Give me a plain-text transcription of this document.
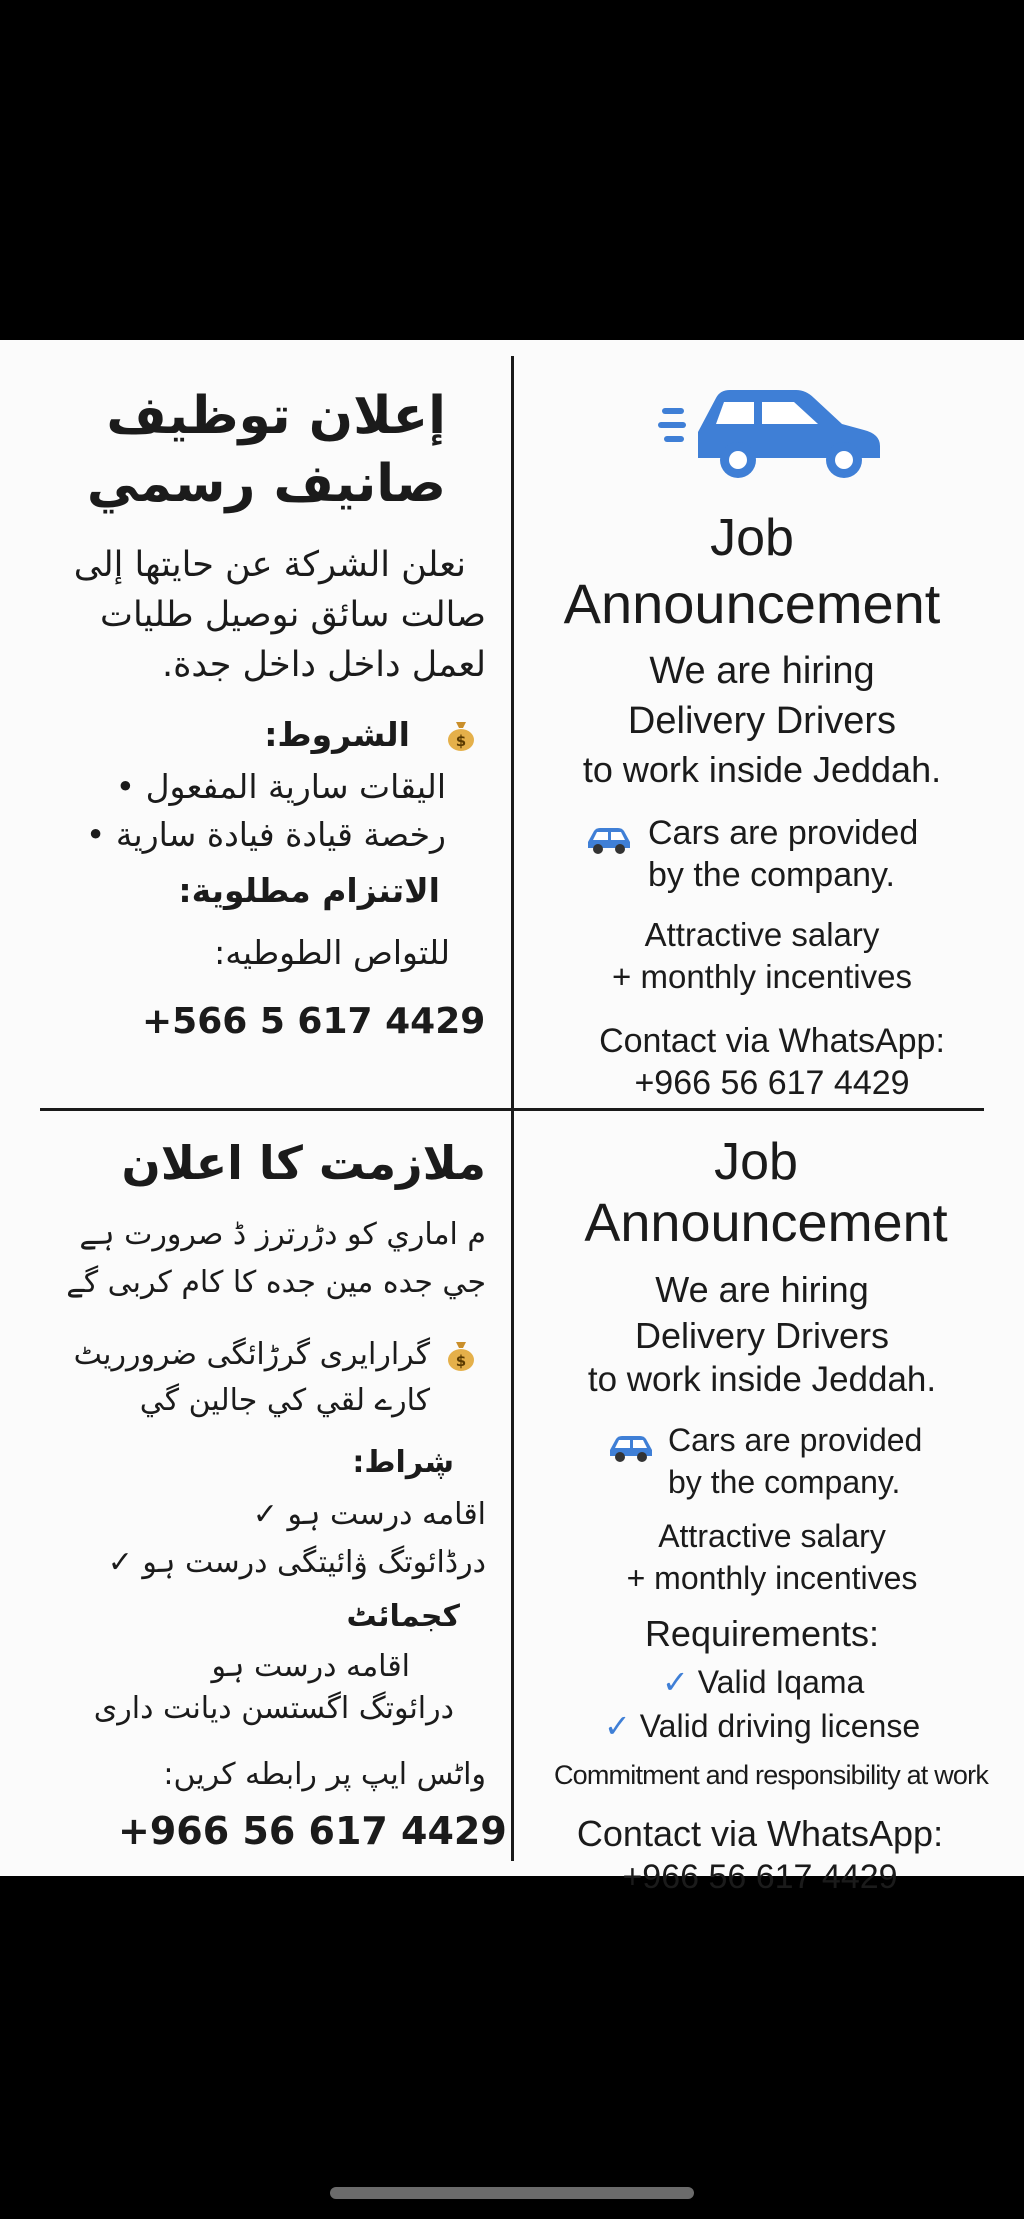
إعلان توظيف
صانيف رسمي
نعلن الشركة عن حايتها إلى
صالت سائق نوصيل طليات
لعمل داخل داخل جدة.
$
الشروط:
اليقات سارية المفعول •
رخصة قيادة فيادة سارية •
الاتنزام مطلوية:
للتواص الطوطيه:
+566 5 617 4429
Job
Announcement
We are hiring
Delivery Drivers
to work inside Jeddah.
Cars are provided
by the company.
Attractive salary
+ monthly incentives
Contact via WhatsApp:
+966 56 617 4429
ملازمت کا اعلان
م اماري کو دڑرترز ڈ صرورت ہے
جي جده مين جده کا کام کربی گے
$
گرارایری گرڑائگی ضرورریٹ
کارے لقي کي جالین گي
ڜراط:
اقامه درست ہو ✓
درڈائوتگ ۋائیتگی درست ہو ✓
کجمائٹ
اقامه درست ہو
درائوتگ اگستسن دیانت داری
واٹس ایپ پر رابطه کریں:
+966 56 617 4429
Job
Announcement
We are hiring
Delivery Drivers
to work inside Jeddah.
Cars are provided
by the company.
Attractive salary
+ monthly incentives
Requirements:
✓ Valid Iqama
✓ Valid driving license
Commitment and responsibility at work
Contact via WhatsApp:
+966 56 617 4429
